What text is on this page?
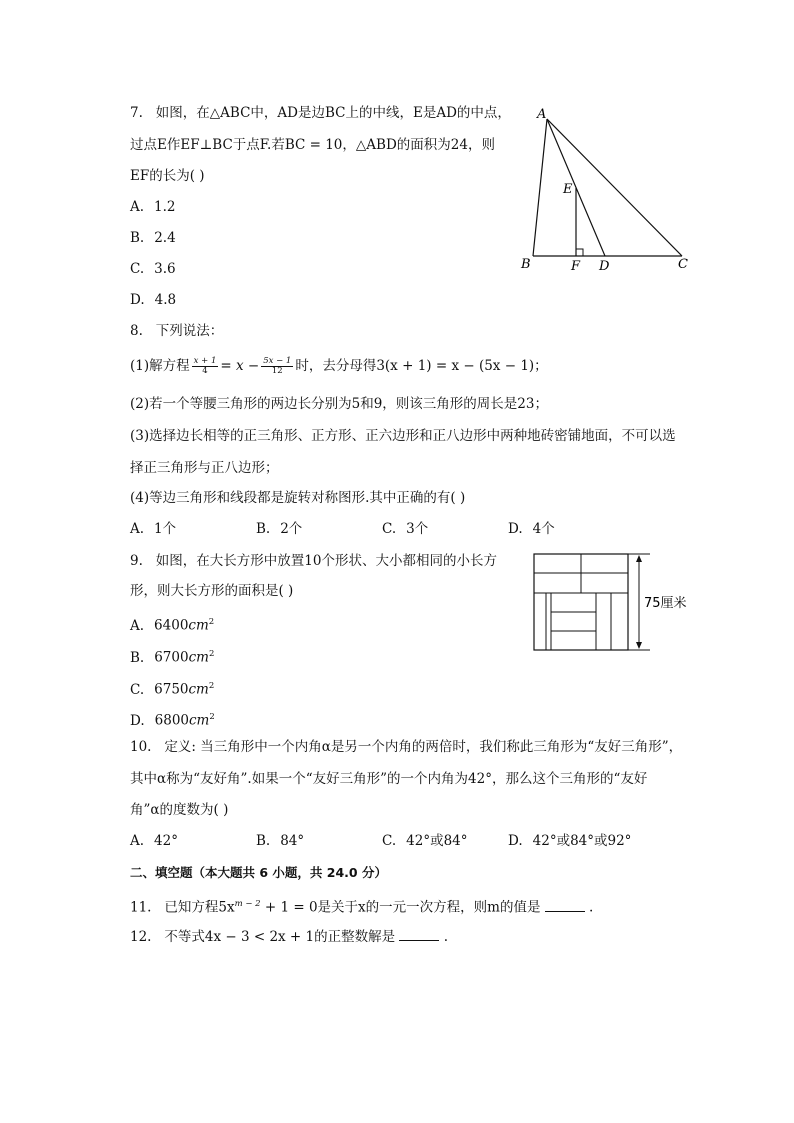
7. 如图，在△ABC中，AD是边BC上的中线，E是AD的中点，
过点E作EF⊥BC于点F.若BC = 10，△ABD的面积为24，则
EF的长为( )
A. 1.2
B. 2.4
C. 3.6
D. 4.8
A
E
B	F D	C
8. 下列说法：
(1)解方程 $\frac{x + 1}{4} = x - \frac{5x - 1}{12}$ 时，去分母得3(x + 1) = x − (5x − 1)；
(2)若一个等腰三角形的两边长分别为5和9，则该三角形的周长是23；
(3)选择边长相等的正三角形、正方形、正六边形和正八边形中两种地砖密铺地面，不可以选
择正三角形与正八边形；
(4)等边三角形和线段都是旋转对称图形.其中正确的有( )
A. 1个	B. 2个	C. 3个	D. 4个
9. 如图，在大长方形中放置10个形状、大小都相同的小长方
形，则大长方形的面积是( )
A. $6400cm^2$
B. $6700cm^2$
C. $6750cm^2$
D. $6800cm^2$
75厘米
10. 定义: 当三角形中一个内角α是另一个内角的两倍时，我们称此三角形为“友好三角形”，
其中α称为“友好角”.如果一个“友好三角形”的一个内角为42°，那么这个三角形的“友好
角”α的度数为( )
A. 42°	B. 84°	C. 42°或84°	D. 42°或84°或92°
二、填空题（本大题共 6 小题，共 24.0 分）
11. 已知方程$5x^{m - 2} + 1 = 0$是关于x的一元一次方程，则m的值是	.
12. 不等式4x − 3 < 2x + 1的正整数解是	.
